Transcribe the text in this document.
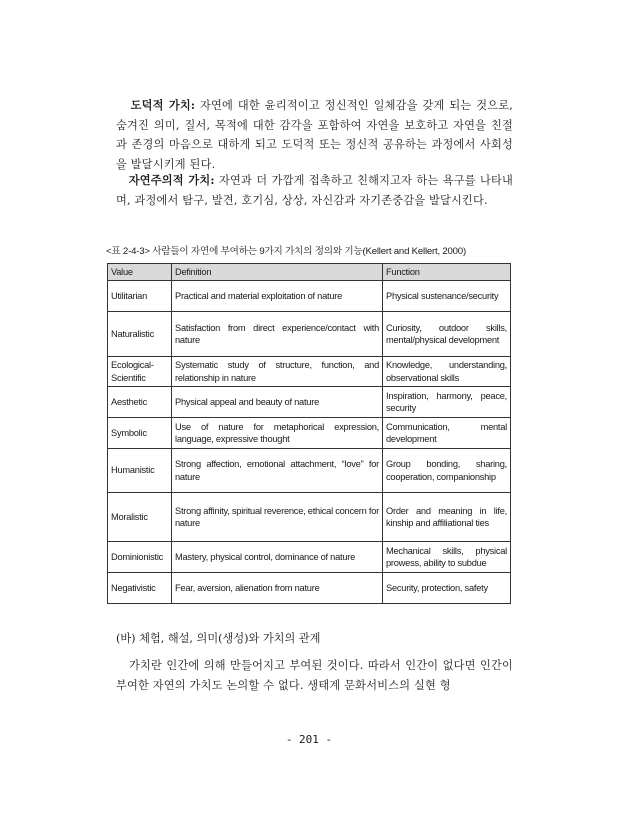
도덕적 가치: 자연에 대한 윤리적이고 정신적인 일체감을 갖게 되는 것으로, 숨겨진 의미, 질서, 목적에 대한 감각을 포함하여 자연을 보호하고 자연을 친절과 존경의 마음으로 대하게 되고 도덕적 또는 정신적 공유하는 과정에서 사회성을 발달시키게 된다.
자연주의적 가치: 자연과 더 가깝게 접촉하고 친해지고자 하는 욕구를 나타내며, 과정에서 탐구, 발견, 호기심, 상상, 자신감과 자기존중감을 발달시킨다.
<표 2-4-3> 사람들이 자연에 부여하는 9가지 가치의 정의와 기능(Kellert and Kellert, 2000)
Value	Definition	Function
Utilitarian	Practical and material exploitation of nature	Physical sustenance/security
Naturalistic	Satisfaction from direct experience/contact with nature	Curiosity, outdoor skills, mental/physical development
Ecological-Scientific	Systematic study of structure, function, and relationship in nature	Knowledge, understanding, observational skills
Aesthetic	Physical appeal and beauty of nature	Inspiration, harmony, peace, security
Symbolic	Use of nature for metaphorical expression, language, expressive thought	Communication, mental development
Humanistic	Strong affection, emotional attachment, “love” for nature	Group bonding, sharing, cooperation, companionship
Moralistic	Strong affinity, spiritual reverence, ethical concern for nature	Order and meaning in life, kinship and affiliational ties
Dominionistic	Mastery, physical control, dominance of nature	Mechanical skills, physical prowess, ability to subdue
Negativistic	Fear, aversion, alienation from nature	Security, protection, safety
(바) 체험, 해설, 의미(생성)와 가치의 관계
가치란 인간에 의해 만들어지고 부여된 것이다. 따라서 인간이 없다면 인간이 부여한 자연의 가치도 논의할 수 없다. 생태계 문화서비스의 실현 형
- 201 -
